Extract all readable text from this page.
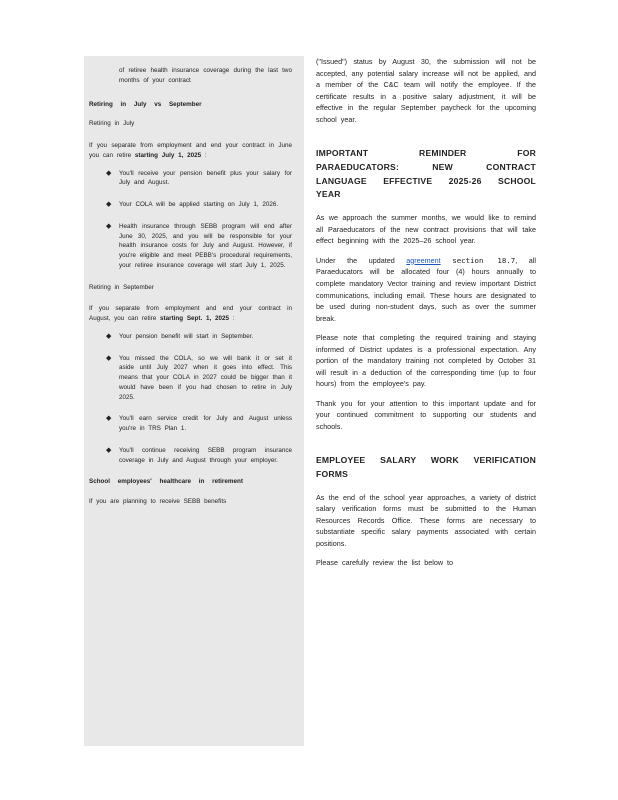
of retiree health insurance coverage during the last two months of your contract

Retiring in July vs September

Retiring in July

If you separate from employment and end your contract in June you can retire starting July 1, 2025 :

◆ You'll receive your pension benefit plus your salary for July and August.
◆ Your COLA will be applied starting on July 1, 2026.
◆ Health insurance through SEBB program will end after June 30, 2025, and you will be responsible for your health insurance costs for July and August. However, if you're eligible and meet PEBB's procedural requirements, your retiree insurance coverage will start July 1, 2025.

Retiring in September

If you separate from employment and end your contract in August, you can retire starting Sept. 1, 2025 :

◆ Your pension benefit will start in September.
◆ You missed the COLA, so we will bank it or set it aside until July 2027 when it goes into effect. This means that your COLA in 2027 could be bigger than it would have been if you had chosen to retire in July 2025.
◆ You'll earn service credit for July and August unless you're in TRS Plan 1.
◆ You'll continue receiving SEBB program insurance coverage in July and August through your employer.
School employees' healthcare in retirement

If you are planning to receive SEBB benefits

("Issued") status by August 30, the submission will not be accepted, any potential salary increase will not be applied, and a member of the C&C team will notify the employee. If the certificate results in a positive salary adjustment, it will be effective in the regular September paycheck for the upcoming school year.

IMPORTANT REMINDER FOR PARAEDUCATORS: NEW CONTRACT LANGUAGE EFFECTIVE 2025-26 SCHOOL YEAR

As we approach the summer months, we would like to remind all Paraeducators of the new contract provisions that will take effect beginning with the 2025–26 school year.

Under the updated agreement section 18.7, all Paraeducators will be allocated four (4) hours annually to complete mandatory Vector training and review important District communications, including email. These hours are designated to be used during non-student days, such as over the summer break.

Please note that completing the required training and staying informed of District updates is a professional expectation. Any portion of the mandatory training not completed by October 31 will result in a deduction of the corresponding time (up to four hours) from the employee's pay.

Thank you for your attention to this important update and for your continued commitment to supporting our students and schools.

EMPLOYEE SALARY WORK VERIFICATION FORMS

As the end of the school year approaches, a variety of district salary verification forms must be submitted to the Human Resources Records Office. These forms are necessary to substantiate specific salary payments associated with certain positions.

Please carefully review the list below to
